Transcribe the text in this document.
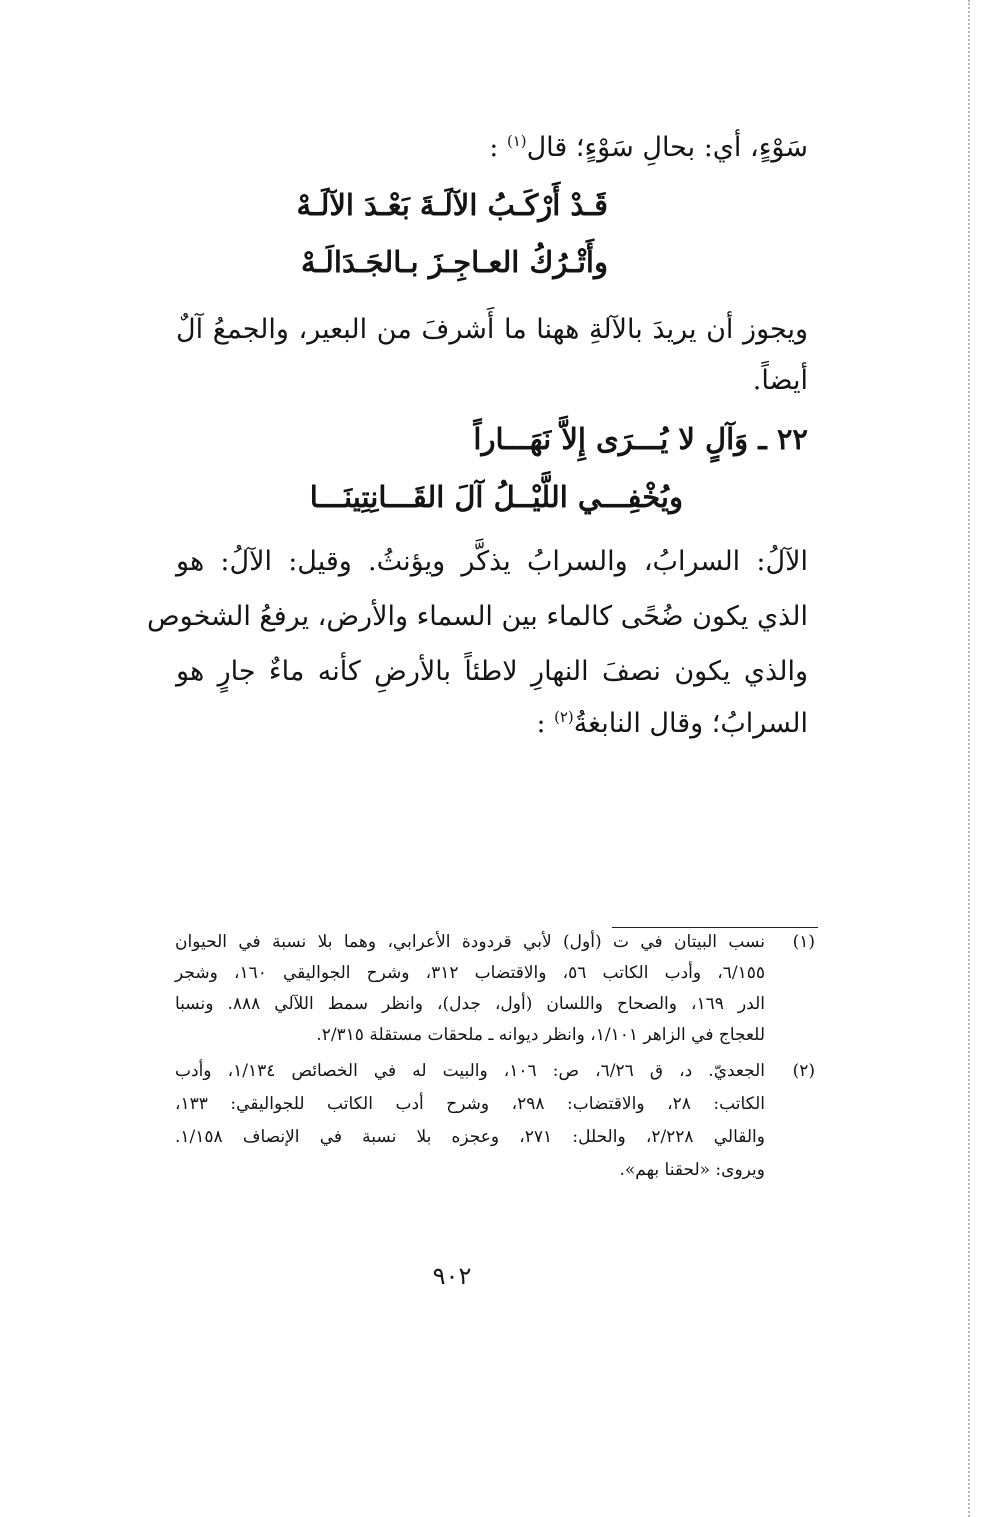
سَوْءٍ، أي: بحالِ سَوْءٍ؛ قال$^{(١)}$ :

قَـدْ أَرْكَـبُ الآلَـةَ بَعْـدَ الآلَـهْ

وأَتْـرُكُ العـاجِـزَ بـالجَـدَالَـهْ

ويجوز أن يريدَ بالآلةِ ههنا ما أَشرفَ من البعير، والجمعُ آلٌ

أيضاً.

٢٢ ـ وَآلٍ لا يُـــرَى إِلاَّ نَهَـــاراً

ويُخْفِـــي اللَّيْــلُ آلَ القَـــانِتِينَـــا

الآلُ: السرابُ، والسرابُ يذكَّر ويؤنثُ. وقيل: الآلُ: هو

الذي يكون ضُحًى كالماء بين السماء والأرض، يرفعُ الشخوص

والذي يكون نصفَ النهارِ لاطئاً بالأرضِ كأنه ماءٌ جارٍ هو

السرابُ؛ وقال النابغةُ$^{(٢)}$ :

(١)

نسب البيتان في ت (أول) لأبي قردودة الأعرابي، وهما بلا نسبة في الحيوان

٦/١٥٥، وأدب الكاتب ٥٦، والاقتضاب ٣١٢، وشرح الجواليقي ١٦٠، وشجر

الدر ١٦٩، والصحاح واللسان (أول، جدل)، وانظر سمط اللآلي ٨٨٨. ونسبا

للعجاج في الزاهر ١/١٠١، وانظر ديوانه ـ ملحقات مستقلة ٢/٣١٥.

(٢)

الجعديّ. د، ق ٦/٢٦، ص: ١٠٦، والبيت له في الخصائص ١/١٣٤، وأدب

الكاتب: ٢٨، والاقتضاب: ٢٩٨، وشرح أدب الكاتب للجواليقي: ١٣٣،

والقالي ٢/٢٢٨، والحلل: ٢٧١، وعجزه بلا نسبة في الإنصاف ١/١٥٨.

ويروى: «لحقنا بهم».

٩٠٢
